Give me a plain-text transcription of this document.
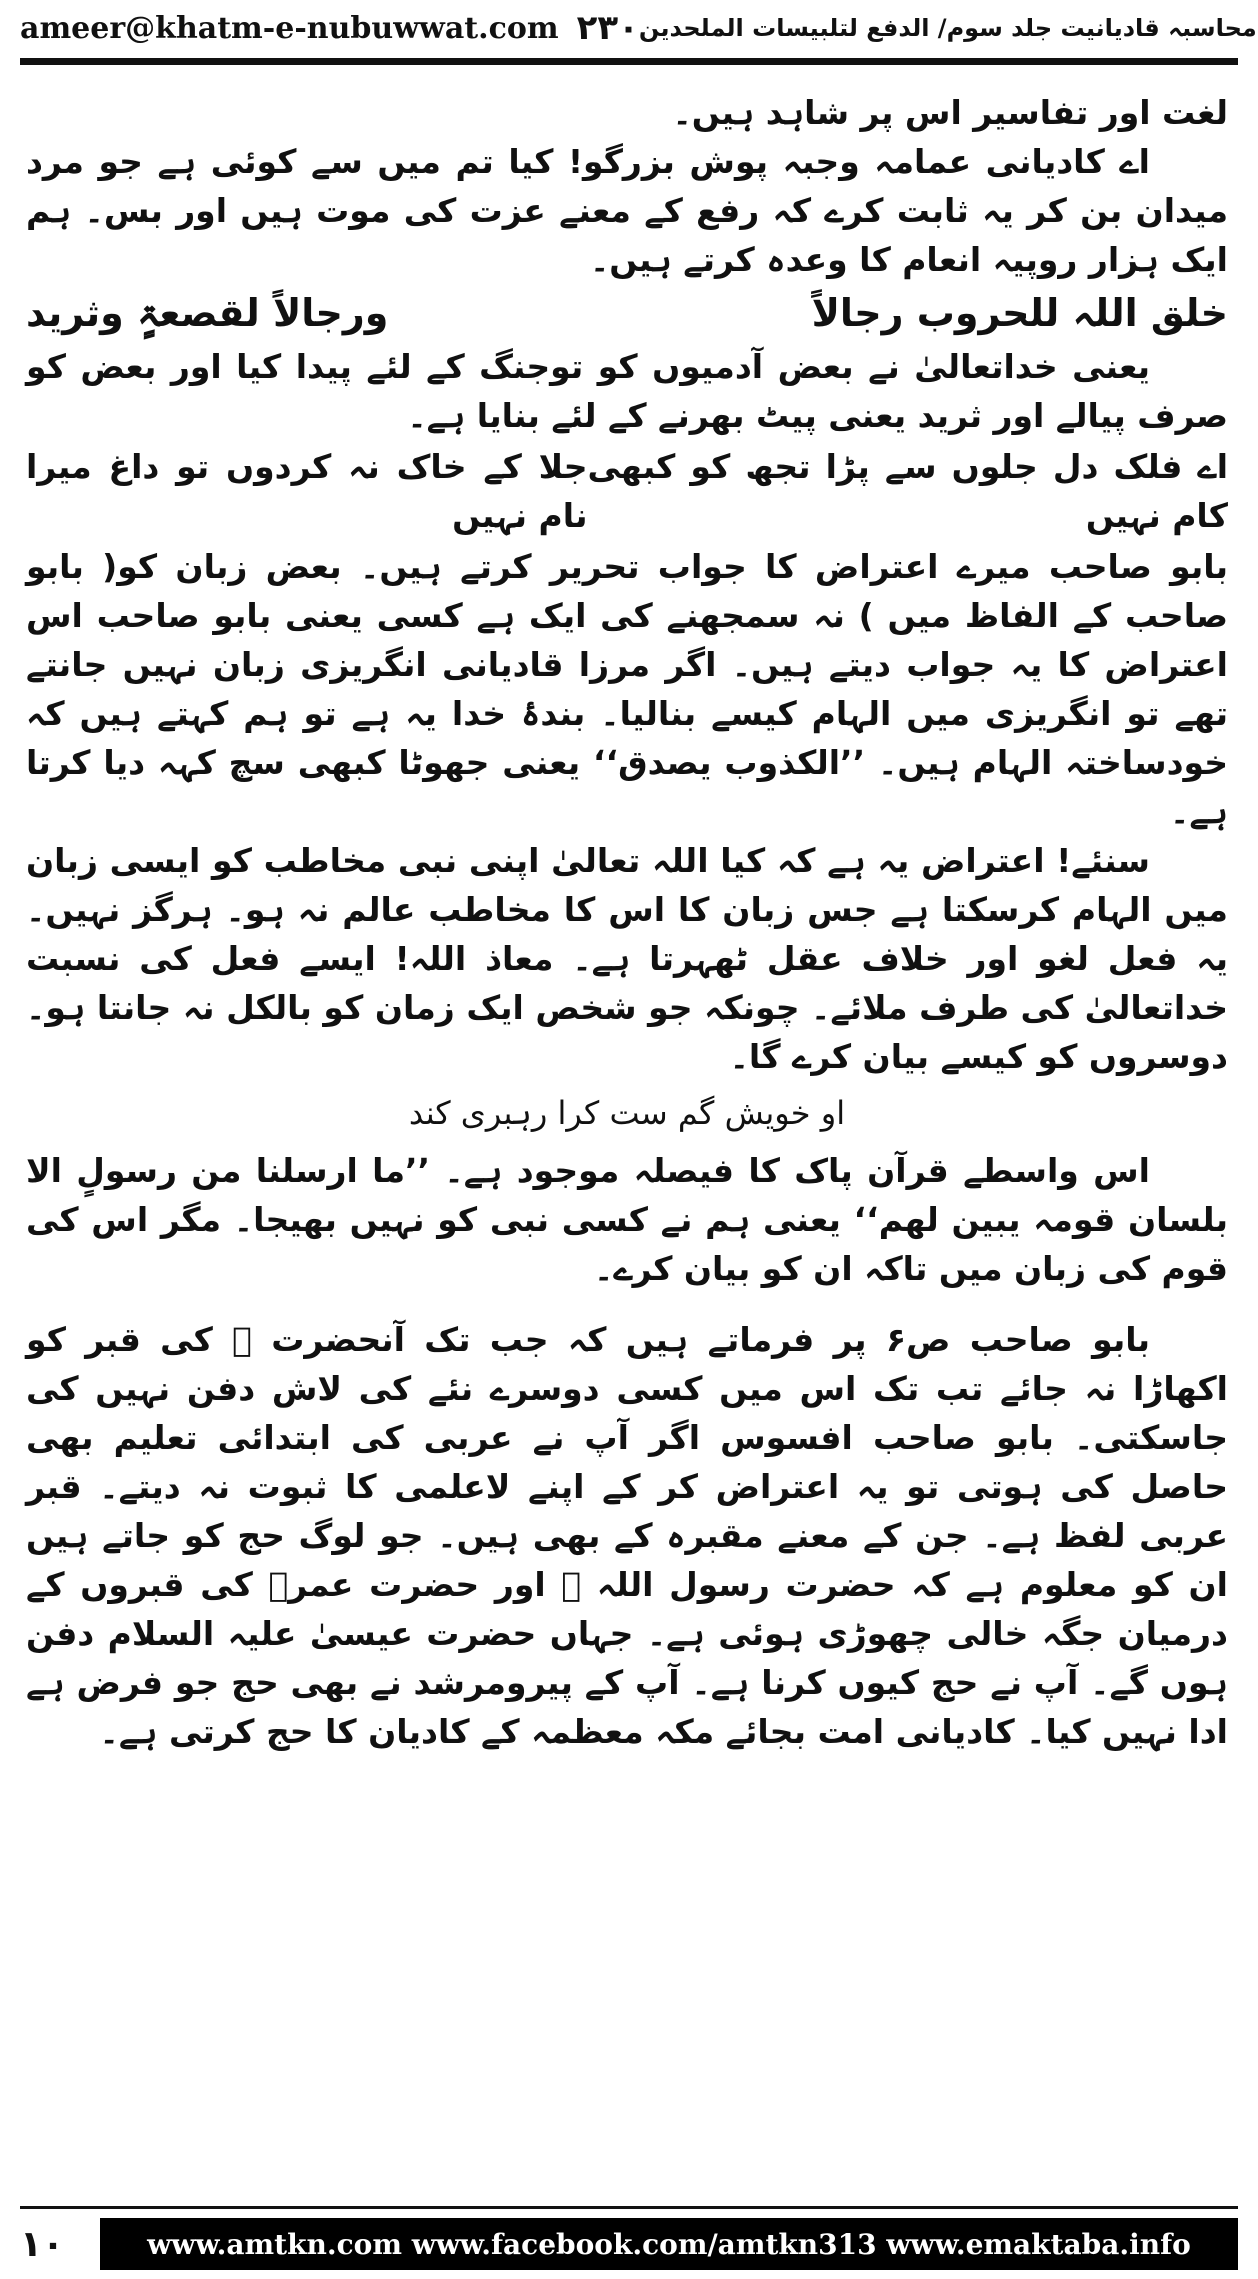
ameer@khatm-e-nubuwwat.com ۲۳۰ محاسبہ قادیانیت جلد سوم/ الدفع لتلبیسات الملحدین

لغت اور تفاسیر اس پر شاہد ہیں۔

اے کادیانی عمامہ وجبہ پوش بزرگو! کیا تم میں سے کوئی ہے جو مرد میدان بن کر یہ ثابت کرے کہ رفع کے معنے عزت کی موت ہیں اور بس۔ ہم ایک ہزار روپیہ انعام کا وعدہ کرتے ہیں۔

خلق اللہ للحروب رجالاً
ورجالاً لقصعۃٍ وثرید

یعنی خداتعالیٰ نے بعض آدمیوں کو توجنگ کے لئے پیدا کیا اور بعض کو صرف پیالے اور ثرید یعنی پیٹ بھرنے کے لئے بنایا ہے۔

اے فلک دل جلوں سے پڑا تجھ کو کبھی کام نہیں
جلا کے خاک نہ کردوں تو داغ میرا نام نہیں

بابو صاحب میرے اعتراض کا جواب تحریر کرتے ہیں۔ بعض زبان کو( بابو صاحب کے الفاظ میں ) نہ سمجھنے کی ایک ہے کسی یعنی بابو صاحب اس اعتراض کا یہ جواب دیتے ہیں۔ اگر مرزا قادیانی انگریزی زبان نہیں جانتے تھے تو انگریزی میں الہام کیسے بنالیا۔ بندۂ خدا یہ ہے تو ہم کہتے ہیں کہ خودساختہ الہام ہیں۔ ’’الکذوب یصدق‘‘ یعنی جھوٹا کبھی سچ کہہ دیا کرتا ہے۔

سنئے! اعتراض یہ ہے کہ کیا اللہ تعالیٰ اپنی نبی مخاطب کو ایسی زبان میں الہام کرسکتا ہے جس زبان کا اس کا مخاطب عالم نہ ہو۔ ہرگز نہیں۔ یہ فعل لغو اور خلاف عقل ٹھہرتا ہے۔ معاذ اللہ! ایسے فعل کی نسبت خداتعالیٰ کی طرف ملائے۔ چونکہ جو شخص ایک زمان کو بالکل نہ جانتا ہو۔ دوسروں کو کیسے بیان کرے گا۔

او خویش گم ست کرا رہبری کند

اس واسطے قرآن پاک کا فیصلہ موجود ہے۔ ’’ما ارسلنا من رسولٍ الا بلسان قومہ یبین لھم‘‘ یعنی ہم نے کسی نبی کو نہیں بھیجا۔ مگر اس کی قوم کی زبان میں تاکہ ان کو بیان کرے۔

بابو صاحب ص۶ پر فرماتے ہیں کہ جب تک آنحضرت ﷺ کی قبر کو اکھاڑا نہ جائے تب تک اس میں کسی دوسرے نئے کی لاش دفن نہیں کی جاسکتی۔ بابو صاحب افسوس اگر آپ نے عربی کی ابتدائی تعلیم بھی حاصل کی ہوتی تو یہ اعتراض کر کے اپنے لاعلمی کا ثبوت نہ دیتے۔ قبر عربی لفظ ہے۔ جن کے معنے مقبرہ کے بھی ہیں۔ جو لوگ حج کو جاتے ہیں ان کو معلوم ہے کہ حضرت رسول اللہ ﷺ اور حضرت عمرؓ کی قبروں کے درمیان جگہ خالی چھوڑی ہوئی ہے۔ جہاں حضرت عیسیٰ علیہ السلام دفن ہوں گے۔ آپ نے حج کیوں کرنا ہے۔ آپ کے پیرومرشد نے بھی حج جو فرض ہے ادا نہیں کیا۔ کادیانی امت بجائے مکہ معظمہ کے کادیان کا حج کرتی ہے۔

۱۰	www.amtkn.com www.facebook.com/amtkn313 www.emaktaba.info
